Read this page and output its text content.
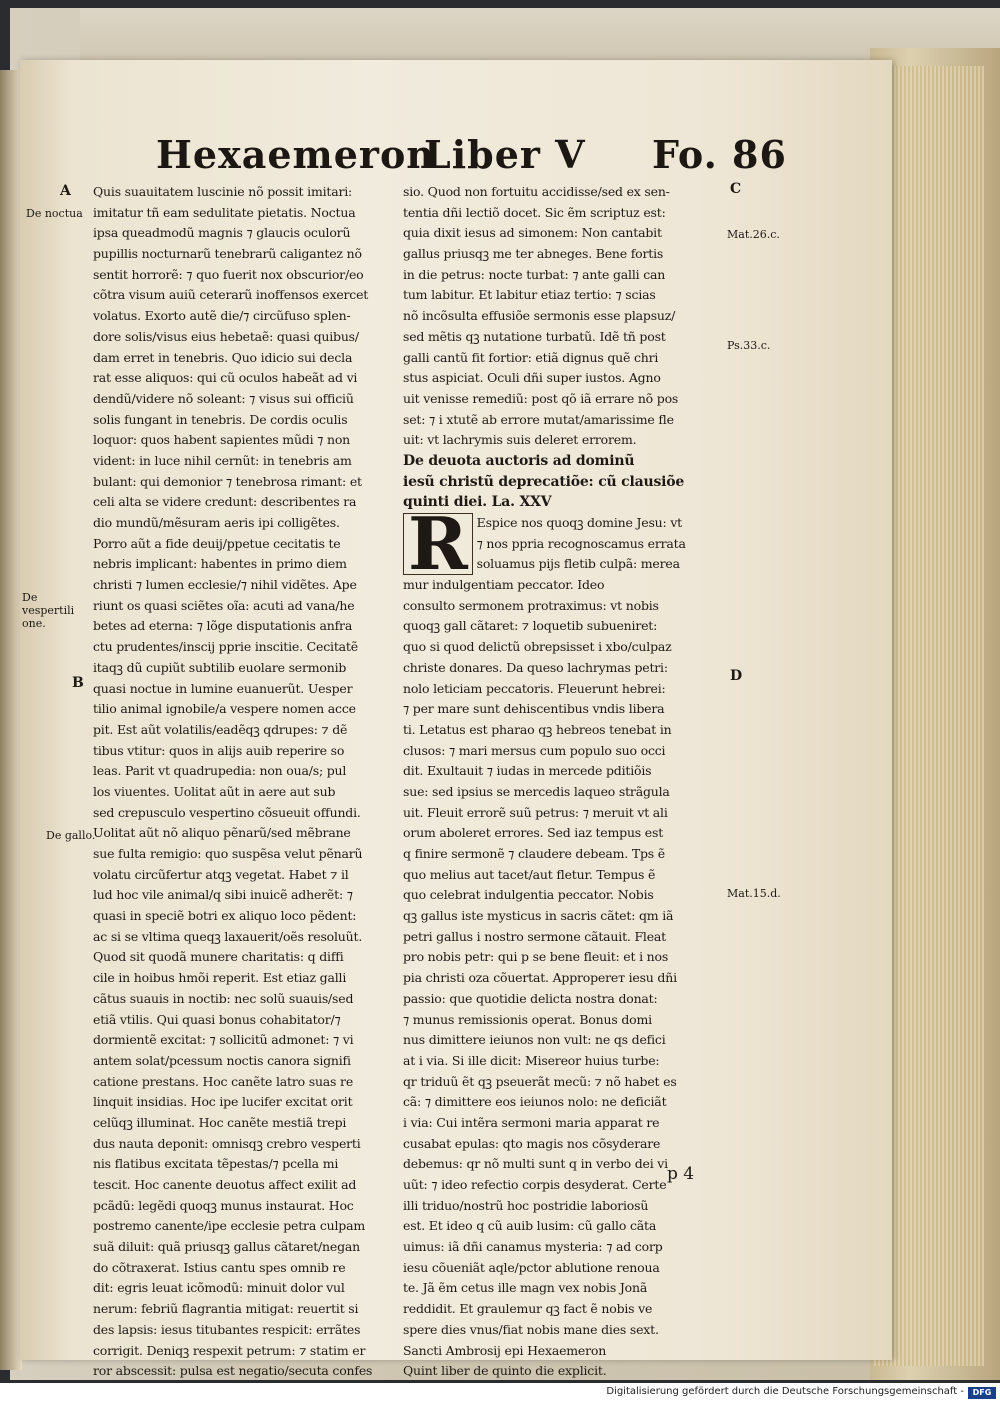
Hexaemeron
Liber V Fo. 86
Quis suauitatem luscinie nõ possit imitari:
imitatur tñ eam sedulitate pietatis. Noctua
ipsa queadmodũ magnis ⁊ glaucis oculorũ
pupillis nocturnarũ tenebrarũ caligantez nõ
sentit horrorẽ: ⁊ quo fuerit nox obscurior/eo
cõtra visum auiũ ceterarũ inoffensos exercet
volatus. Exorto autẽ die/⁊ circũfuso splen-
dore solis/visus eius hebetaẽ: quasi quibus/
dam erret in tenebris. Quo idicio sui decla
rat esse aliquos: qui cũ oculos habeãt ad vi
dendũ/videre nõ soleant: ⁊ visus sui officiũ
solis fungant in tenebris. De cordis oculis
loquor: quos habent sapientes mũdi ⁊ non
vident: in luce nihil cernũt: in tenebris am
bulant: qui demonior ⁊ tenebrosa rimant: et
celi alta se videre credunt: describentes ra
dio mundũ/mẽsuram aeris ipi colligẽtes.
Porro aũt a fide deuij/ppetue cecitatis te
nebris implicant: habentes in primo diem
christi ⁊ lumen ecclesie/⁊ nihil vidẽtes. Ape
riunt os quasi sciẽtes oĩa: acuti ad vana/he
betes ad eterna: ⁊ lõge disputationis anfra
ctu prudentes/inscij pprie inscitie. Cecitatẽ
itaqꝫ dũ cupiũt subtilib euolare sermonib
quasi noctue in lumine euanuerũt. Uesper
tilio animal ignobile/a vespere nomen acce
pit. Est aũt volatilis/eadẽqꝫ qdrupes: ⁊ dẽ
tibus vtitur: quos in alijs auib reperire so
leas. Parit vt quadrupedia: non oua/s; pul
los viuentes. Uolitat aũt in aere aut sub
sed crepusculo vespertino cõsueuit offundi.
Uolitat aũt nõ aliquo pẽnarũ/sed mẽbrane
sue fulta remigio: quo suspẽsa velut pẽnarũ
volatu circũfertur atqꝫ vegetat. Habet ⁊ il
lud hoc vile animal/q sibi inuicẽ adherẽt: ⁊
quasi in speciẽ botri ex aliquo loco pẽdent:
ac si se vltima queqꝫ laxauerit/oẽs resoluũt.
Quod sit quodã munere charitatis: q diffi
cile in hoibus hmõi reperit. Est etiaz galli
cãtus suauis in noctib: nec solũ suauis/sed
etiã vtilis. Qui quasi bonus cohabitator/⁊
dormientẽ excitat: ⁊ sollicitũ admonet: ⁊ vi
antem solat/pcessum noctis canora signifi
catione prestans. Hoc canẽte latro suas re
linquit insidias. Hoc ipe lucifer excitat orit
celũqꝫ illuminat. Hoc canẽte mestiã trepi
dus nauta deponit: omnisqꝫ crebro vesperti
nis flatibus excitata tẽpestas/⁊ pcella mi
tescit. Hoc canente deuotus affect exilit ad
pcãdũ: legẽdi quoqꝫ munus instaurat. Hoc
postremo canente/ipe ecclesie petra culpam
suã diluit: quã priusqꝫ gallus cãtaret/negan
do cõtraxerat. Istius cantu spes omnib re
dit: egris leuat icõmodũ: minuit dolor vul
nerum: febriũ flagrantia mitigat: reuertit si
des lapsis: iesus titubantes respicit: errãtes
corrigit. Deniqꝫ respexit petrum: ⁊ statim er
ror abscessit: pulsa est negatio/secuta confes
sio. Quod non fortuitu accidisse/sed ex sen-
tentia dñi lectiõ docet. Sic ẽm scriptuz est:
quia dixit iesus ad simonem: Non cantabit
gallus priusqꝫ me ter abneges. Bene fortis
in die petrus: nocte turbat: ⁊ ante galli can
tum labitur. Et labitur etiaz tertio: ⁊ scias
nõ incõsulta effusiõe sermonis esse plapsuz/
sed mẽtis qꝫ nutatione turbatũ. Idẽ tñ post
galli cantũ fit fortior: etiã dignus quẽ chri
stus aspiciat. Oculi dñi super iustos. Agno
uit venisse remediũ: post qõ iã errare nõ pos
set: ⁊ i xtutẽ ab errore mutat/amarissime fle
uit: vt lachrymis suis deleret errorem.
De deuota auctoris ad dominũ
iesũ christũ deprecatiõe: cũ clausiõe
quinti diei. La. XXV
R Espice nos quoqꝫ domine Jesu: vt
⁊ nos ppria recognoscamus errata
soluamus pijs fletib culpã: merea
mur indulgentiam peccator. Ideo
consulto sermonem protraximus: vt nobis
quoqꝫ gall cãtaret: ⁊ loquetib subueniret:
quo si quod delictũ obrepsisset i xbo/culpaz
christe donares. Da queso lachrymas petri:
nolo leticiam peccatoris. Fleuerunt hebrei:
⁊ per mare sunt dehiscentibus vndis libera
ti. Letatus est pharao qꝫ hebreos tenebat in
clusos: ⁊ mari mersus cum populo suo occi
dit. Exultauit ⁊ iudas in mercede pditiõis
sue: sed ipsius se mercedis laqueo strãgula
uit. Fleuit errorẽ suũ petrus: ⁊ meruit vt ali
orum aboleret errores. Sed iaz tempus est
q finire sermonẽ ⁊ claudere debeam. Tps ẽ
quo melius aut tacet/aut fletur. Tempus ẽ
quo celebrat indulgentia peccator. Nobis
qꝫ gallus iste mysticus in sacris cãtet: qm iã
petri gallus i nostro sermone cãtauit. Fleat
pro nobis petr: qui p se bene fleuit: et i nos
pia christi oza cõuertat. Appropereт iesu dñi
passio: que quotidie delicta nostra donat:
⁊ munus remissionis operat. Bonus domi
nus dimittere ieiunos non vult: ne qs defici
at i via. Si ille dicit: Misereor huius turbe:
qr triduũ ẽt qꝫ pseuerãt mecũ: ⁊ nõ habet es
cã: ⁊ dimittere eos ieiunos nolo: ne deficiãt
i via: Cui intẽra sermoni maria apparat re
cusabat epulas: qto magis nos cõsyderare
debemus: qr nõ multi sunt q in verbo dei vi
uũt: ⁊ ideo refectio corpis desyderat. Certe
illi triduo/nostrũ hoc postridie laboriosũ
est. Et ideo q cũ auib lusim: cũ gallo cãta
uimus: iã dñi canamus mysteria: ⁊ ad corp
iesu cõueniãt aqle/pctor ablutione renoua
te. Jã ẽm cetus ille magn vex nobis Jonã
reddidit. Et graulemur qꝫ fact ẽ nobis ve
spere dies vnus/fiat nobis mane dies sext.
Sancti Ambrosij epi Hexaemeron
Quint liber de quinto die explicit.
A
De noctua
De vespertili one.
B
De gallo.
C
Mat.26.c.
Ps.33.c.
D
Mat.15.d.
p 4
Digitalisierung gefördert durch die Deutsche Forschungsgemeinschaft -	DFG
